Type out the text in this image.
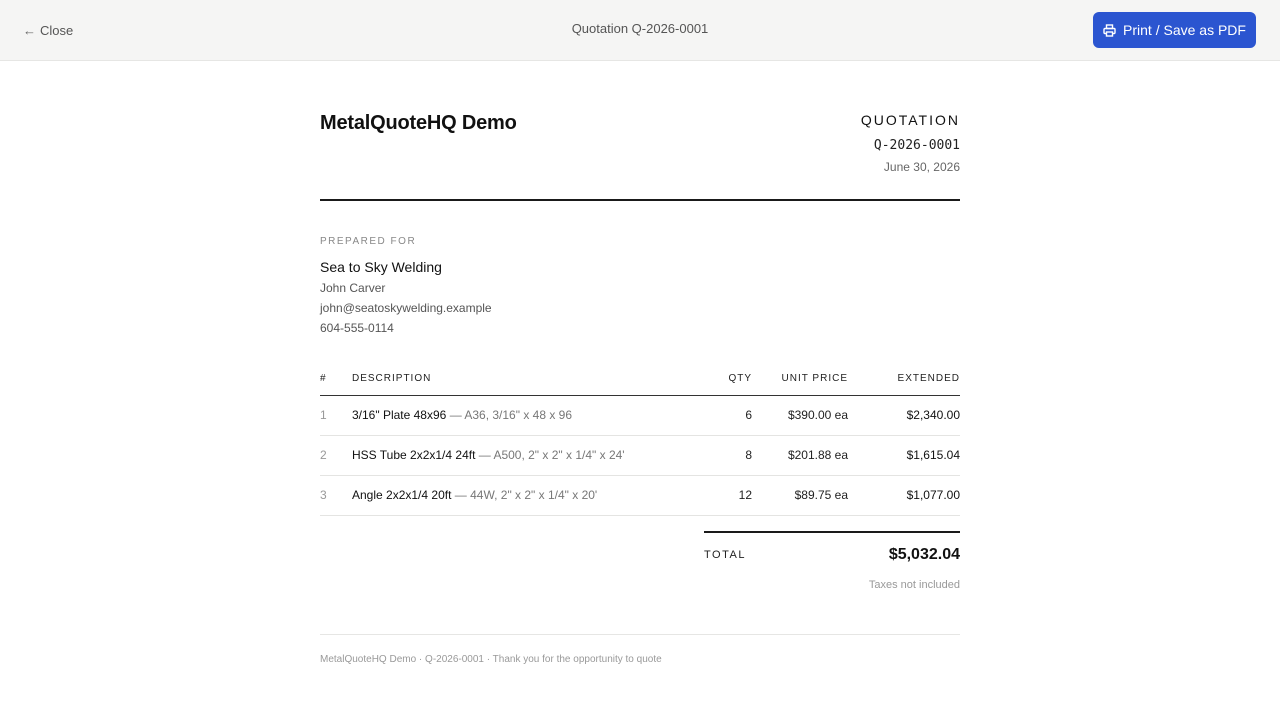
← Close	Quotation Q-2026-0001	Print / Save as PDF
MetalQuoteHQ Demo	QUOTATION
Q-2026-0001
June 30, 2026
PREPARED FOR
Sea to Sky Welding
John Carver
john@seatoskywelding.example
604-555-0114
#	DESCRIPTION	QTY	UNIT PRICE	EXTENDED
1 3/16" Plate 48x96 — A36, 3/16" x 48 x 96	6	$390.00 ea	$2,340.00
2 HSS Tube 2x2x1/4 24ft — A500, 2" x 2" x 1/4" x 24'	8	$201.88 ea	$1,615.04
3 Angle 2x2x1/4 20ft — 44W, 2" x 2" x 1/4" x 20'	12	$89.75 ea	$1,077.00
TOTAL	$5,032.04
Taxes not included
MetalQuoteHQ Demo · Q-2026-0001 · Thank you for the opportunity to quote
